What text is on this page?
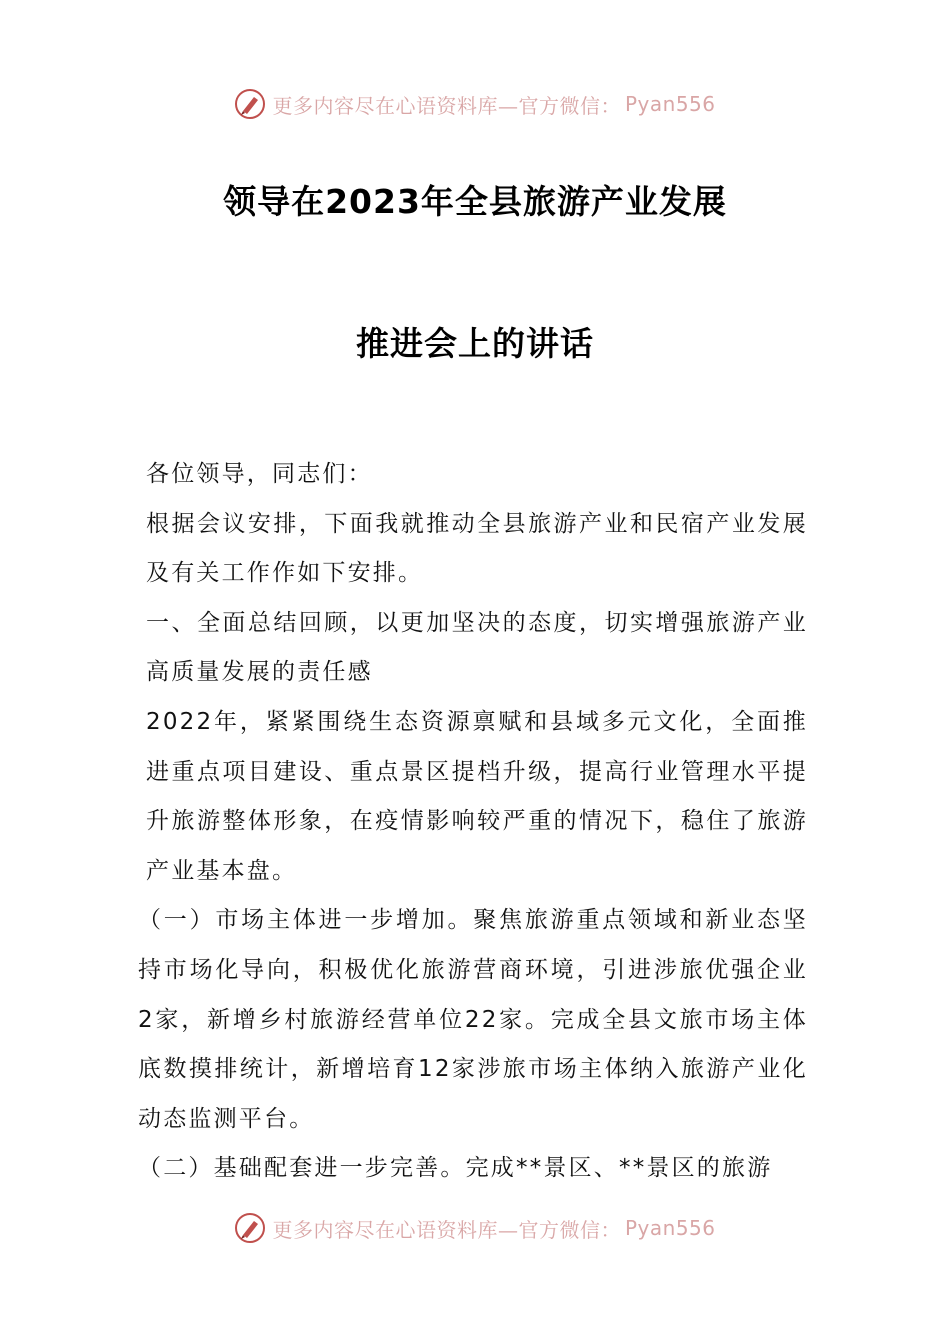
更多内容尽在心语资料库—官方微信： Pyan556
领导在2023年全县旅游产业发展
推进会上的讲话

各位领导，同志们：

根据会议安排，下面我就推动全县旅游产业和民宿产业发展及有关工作作如下安排。

一、全面总结回顾，以更加坚决的态度，切实增强旅游产业高质量发展的责任感

2022年，紧紧围绕生态资源禀赋和县域多元文化，全面推进重点项目建设、重点景区提档升级，提高行业管理水平提升旅游整体形象，在疫情影响较严重的情况下，稳住了旅游产业基本盘。

（一）市场主体进一步增加。聚焦旅游重点领域和新业态坚持市场化导向，积极优化旅游营商环境，引进涉旅优强企业2家，新增乡村旅游经营单位22家。完成全县文旅市场主体底数摸排统计，新增培育12家涉旅市场主体纳入旅游产业化动态监测平台。

（二）基础配套进一步完善。完成**景区、**景区的旅游

更多内容尽在心语资料库—官方微信： Pyan556
